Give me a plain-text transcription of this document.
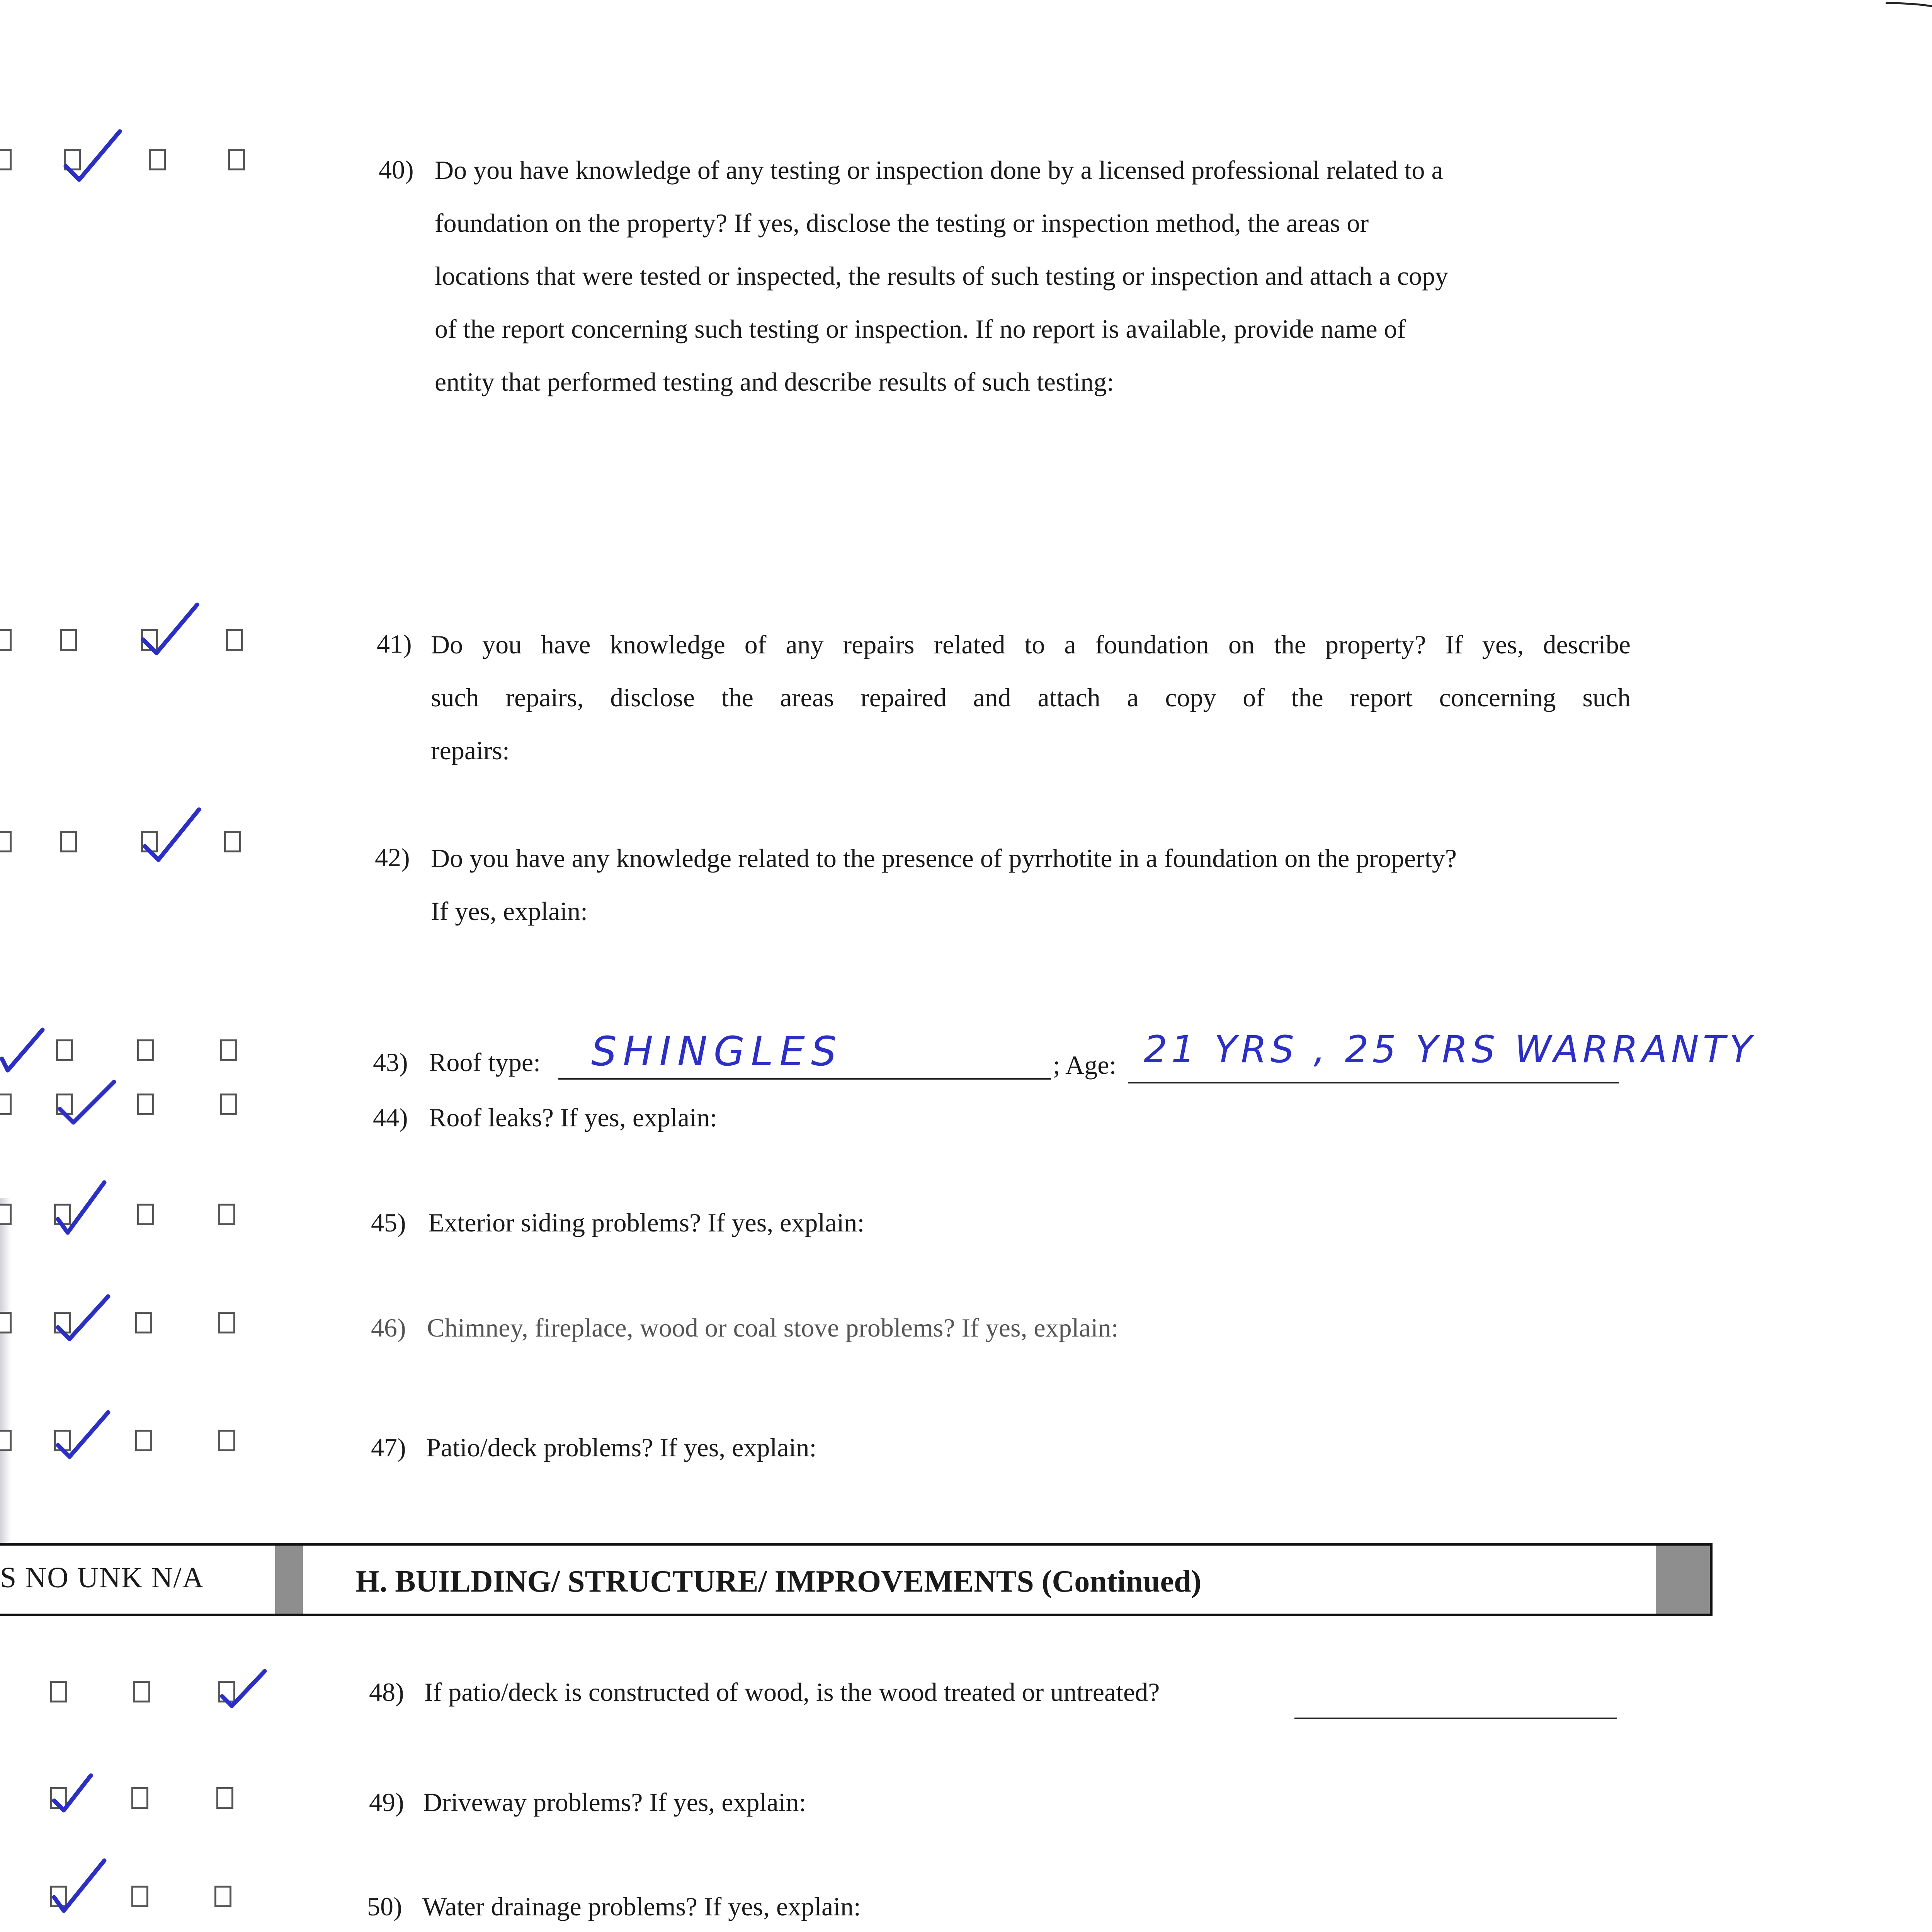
40) Do you have knowledge of any testing or inspection done by a licensed professional related to a
foundation on the property? If yes, disclose the testing or inspection method, the areas or
locations that were tested or inspected, the results of such testing or inspection and attach a copy
of the report concerning such testing or inspection. If no report is available, provide name of
entity that performed testing and describe results of such testing:
41) Do you have knowledge of any repairs related to a foundation on the property? If yes, describe
such repairs, disclose the areas repaired and attach a copy of the report concerning such
repairs:
42) Do you have any knowledge related to the presence of pyrrhotite in a foundation on the property?
If yes, explain:
43) Roof type: SHINGLES	; Age: 21 YRS , 25 YRS WARRANTY
44) Roof leaks? If yes, explain:
45) Exterior siding problems? If yes, explain:
46) Chimney, fireplace, wood or coal stove problems? If yes, explain:
47) Patio/deck problems? If yes, explain:
S NO UNK N/A	H. BUILDING/ STRUCTURE/ IMPROVEMENTS (Continued)
48) If patio/deck is constructed of wood, is the wood treated or untreated?
49) Driveway problems? If yes, explain:
50) Water drainage problems? If yes, explain:
